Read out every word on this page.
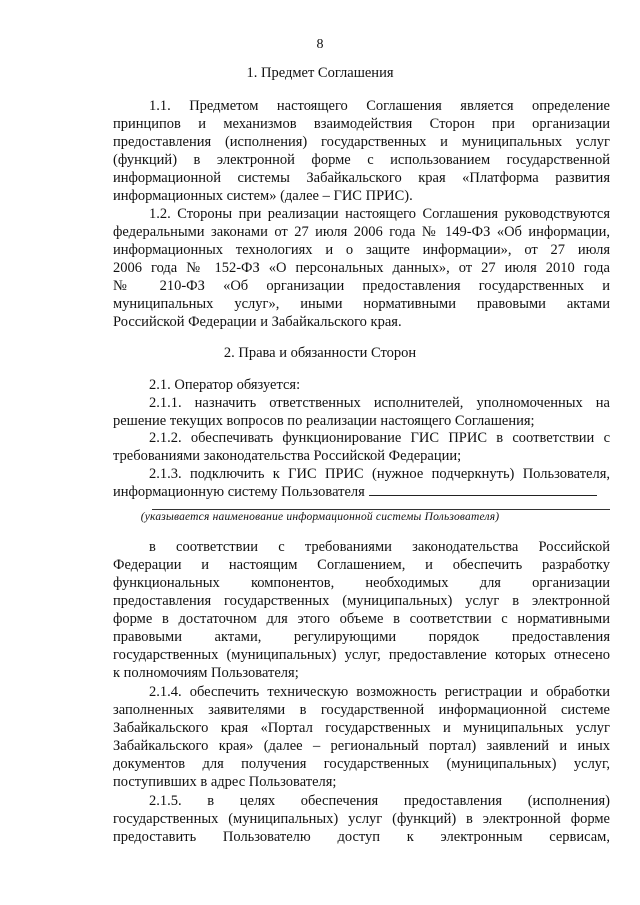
8
1. Предмет Соглашения
1.1. Предметом настоящего Соглашения является определение
принципов и механизмов взаимодействия Сторон при организации
предоставления (исполнения) государственных и муниципальных услуг
(функций) в электронной форме с использованием государственной
информационной системы Забайкальского края «Платформа развития
информационных систем» (далее – ГИС ПРИС).
1.2. Стороны при реализации настоящего Соглашения руководствуются
федеральными законами от 27 июля 2006 года № 149-ФЗ «Об информации,
информационных технологиях и о защите информации», от 27 июля
2006 года № 152-ФЗ «О персональных данных», от 27 июля 2010 года
№ 210-ФЗ «Об организации предоставления государственных и
муниципальных услуг», иными нормативными правовыми актами
Российской Федерации и Забайкальского края.
2. Права и обязанности Сторон
2.1. Оператор обязуется:
2.1.1. назначить ответственных исполнителей, уполномоченных на
решение текущих вопросов по реализации настоящего Соглашения;
2.1.2. обеспечивать функционирование ГИС ПРИС в соответствии с
требованиями законодательства Российской Федерации;
2.1.3. подключить к ГИС ПРИС (нужное подчеркнуть) Пользователя,
информационную систему Пользователя
(указывается наименование информационной системы Пользователя)
в соответствии с требованиями законодательства Российской
Федерации и настоящим Соглашением, и обеспечить разработку
функциональных компонентов, необходимых для организации
предоставления государственных (муниципальных) услуг в электронной
форме в достаточном для этого объеме в соответствии с нормативными
правовыми актами, регулирующими порядок предоставления
государственных (муниципальных) услуг, предоставление которых отнесено
к полномочиям Пользователя;
2.1.4. обеспечить техническую возможность регистрации и обработки
заполненных заявителями в государственной информационной системе
Забайкальского края «Портал государственных и муниципальных услуг
Забайкальского края» (далее – региональный портал) заявлений и иных
документов для получения государственных (муниципальных) услуг,
поступивших в адрес Пользователя;
2.1.5. в целях обеспечения предоставления (исполнения)
государственных (муниципальных) услуг (функций) в электронной форме
предоставить Пользователю доступ к электронным сервисам,
